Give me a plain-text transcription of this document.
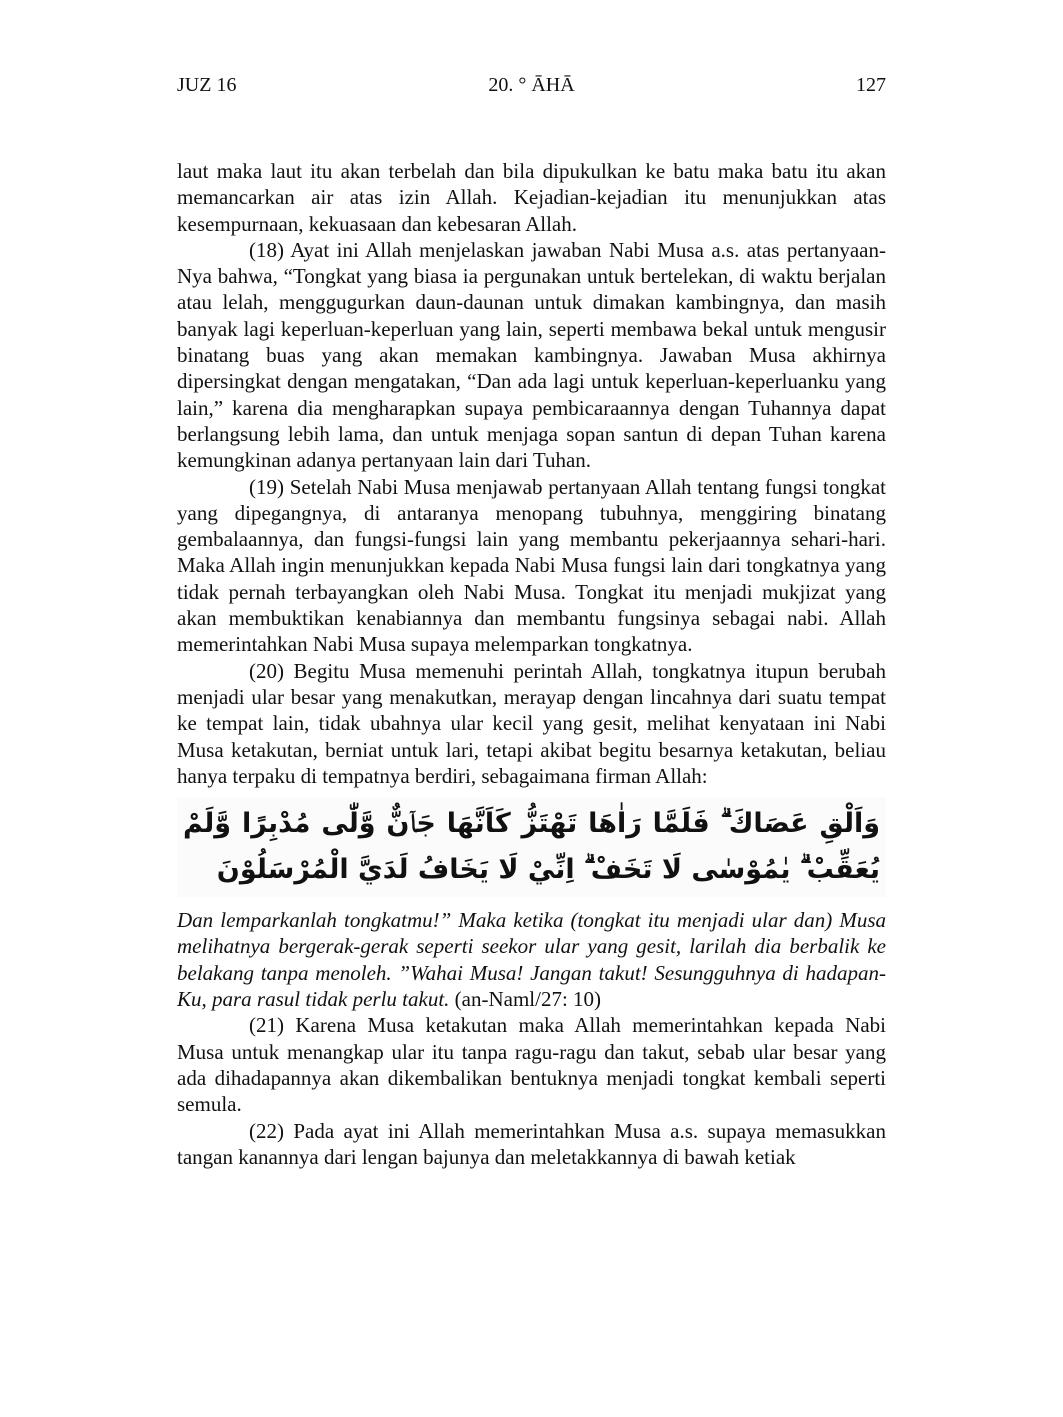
JUZ 16	20. ° ĀHĀ	127

laut maka laut itu akan terbelah dan bila dipukulkan ke batu maka batu itu akan memancarkan air atas izin Allah. Kejadian-kejadian itu menunjukkan atas kesempurnaan, kekuasaan dan kebesaran Allah.

(18) Ayat ini Allah menjelaskan jawaban Nabi Musa a.s. atas pertanyaan-Nya bahwa, “Tongkat yang biasa ia pergunakan untuk bertelekan, di waktu berjalan atau lelah, menggugurkan daun-daunan untuk dimakan kambingnya, dan masih banyak lagi keperluan-keperluan yang lain, seperti membawa bekal untuk mengusir binatang buas yang akan memakan kambingnya. Jawaban Musa akhirnya dipersingkat dengan mengatakan, “Dan ada lagi untuk keperluan-keperluanku yang lain,” karena dia mengharapkan supaya pembicaraannya dengan Tuhannya dapat berlangsung lebih lama, dan untuk menjaga sopan santun di depan Tuhan karena kemungkinan adanya pertanyaan lain dari Tuhan.

(19) Setelah Nabi Musa menjawab pertanyaan Allah tentang fungsi tongkat yang dipegangnya, di antaranya menopang tubuhnya, menggiring binatang gembalaannya, dan fungsi-fungsi lain yang membantu pekerjaannya sehari-hari. Maka Allah ingin menunjukkan kepada Nabi Musa fungsi lain dari tongkatnya yang tidak pernah terbayangkan oleh Nabi Musa. Tongkat itu menjadi mukjizat yang akan membuktikan kenabiannya dan membantu fungsinya sebagai nabi. Allah memerintahkan Nabi Musa supaya melemparkan tongkatnya.

(20) Begitu Musa memenuhi perintah Allah, tongkatnya itupun berubah menjadi ular besar yang menakutkan, merayap dengan lincahnya dari suatu tempat ke tempat lain, tidak ubahnya ular kecil yang gesit, melihat kenyataan ini Nabi Musa ketakutan, berniat untuk lari, tetapi akibat begitu besarnya ketakutan, beliau hanya terpaku di tempatnya berdiri, sebagaimana firman Allah:

وَاَلْقِ عَصَاكَ ۗ فَلَمَّا رَاٰهَا تَهْتَزُّ كَاَنَّهَا جَاۤنٌّ وَّلّٰى مُدْبِرًا وَّلَمْ يُعَقِّبْ ۗ يٰمُوْسٰى لَا تَخَفْ ۗ اِنِّيْ لَا يَخَافُ لَدَيَّ الْمُرْسَلُوْنَ

Dan lemparkanlah tongkatmu!” Maka ketika (tongkat itu menjadi ular dan) Musa melihatnya bergerak-gerak seperti seekor ular yang gesit, larilah dia berbalik ke belakang tanpa menoleh. ”Wahai Musa! Jangan takut! Sesungguhnya di hadapan-Ku, para rasul tidak perlu takut. (an-Naml/27: 10)

(21) Karena Musa ketakutan maka Allah memerintahkan kepada Nabi Musa untuk menangkap ular itu tanpa ragu-ragu dan takut, sebab ular besar yang ada dihadapannya akan dikembalikan bentuknya menjadi tongkat kembali seperti semula.

(22) Pada ayat ini Allah memerintahkan Musa a.s. supaya memasukkan tangan kanannya dari lengan bajunya dan meletakkannya di bawah ketiak
